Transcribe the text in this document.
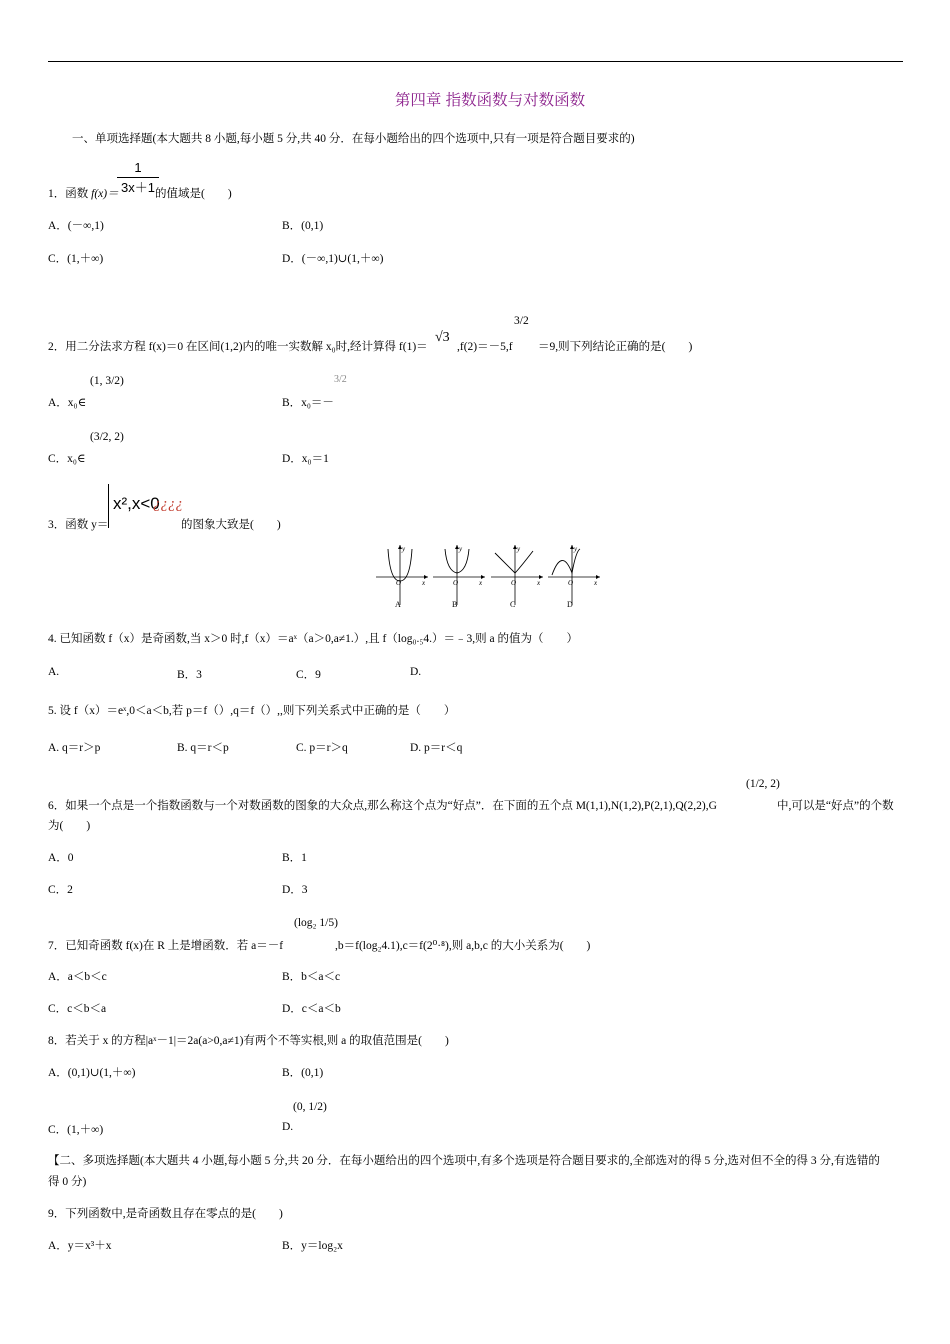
第四章 指数函数与对数函数
一、单项选择题(本大题共 8 小题,每小题 5 分,共 40 分．在每小题给出的四个选项中,只有一项是符合题目要求的)
1．函数 f(x)＝
1
3x＋1 的值域是(　　)
A．(－∞,1)	B．(0,1)
C．(1,＋∞)	D．(－∞,1)∪(1,＋∞)
2．用二分法求方程 f(x)＝0 在区间(1,2)内的唯一实数解 x₀时,经计算得 f(1)＝
√3
,f(2)＝－5,f
3/2
＝9,则下列结论正确的是(　　)
A．x₀∈
(1, 3/2)
B．x₀＝－
3/2
C．x₀∈
(3/2, 2)
D．x₀＝1
3．函数 y＝
x²,x<0
¿¿¿¿
的图象大致是(　　)
O	x
y
A
O	x
y
B
O	x
y
C
O	x
y
D
4. 已知函数 f（x）是奇函数,当 x＞0 时,f（x）＝aˣ（a＞0,a≠1.）,且 f（log₀.₅4.）＝﹣3,则 a 的值为（　　）
A.	B．3	C．9	D.
5. 设 f（x）＝eˣ,0＜a＜b,若 p＝f（）,q＝f（）,,则下列关系式中正确的是（　　）
A. q＝r＞p	B. q＝r＜p	C. p＝r＞q	D. p＝r＜q
6．如果一个点是一个指数函数与一个对数函数的图象的大众点,那么称这个点为“好点”．在下面的五个点 M(1,1),N(1,2),P(2,1),Q(2,2),G
(1/2, 2)
中,可以是“好点”的个数
为(　　)
A．0	B．1
C．2	D．3
7．已知奇函数 f(x)在 R 上是增函数．若 a＝－f
(log₂ 1/5)
,b＝f(log₂4.1),c＝f(2⁰·⁸),则 a,b,c 的大小关系为(　　)
A．a＜b＜c	B．b＜a＜c
C．c＜b＜a	D．c＜a＜b
8．若关于 x 的方程|aˣ－1|＝2a(a>0,a≠1)有两个不等实根,则 a 的取值范围是(　　)
A．(0,1)∪(1,＋∞)	B．(0,1)
C．(1,＋∞)	D.
(0, 1/2)
【二、多项选择题(本大题共 4 小题,每小题 5 分,共 20 分．在每小题给出的四个选项中,有多个选项是符合题目要求的,全部选对的得 5 分,选对但不全的得 3 分,有选错的
得 0 分)
9．下列函数中,是奇函数且存在零点的是(　　)
A．y＝x³＋x	B．y＝log₂x
